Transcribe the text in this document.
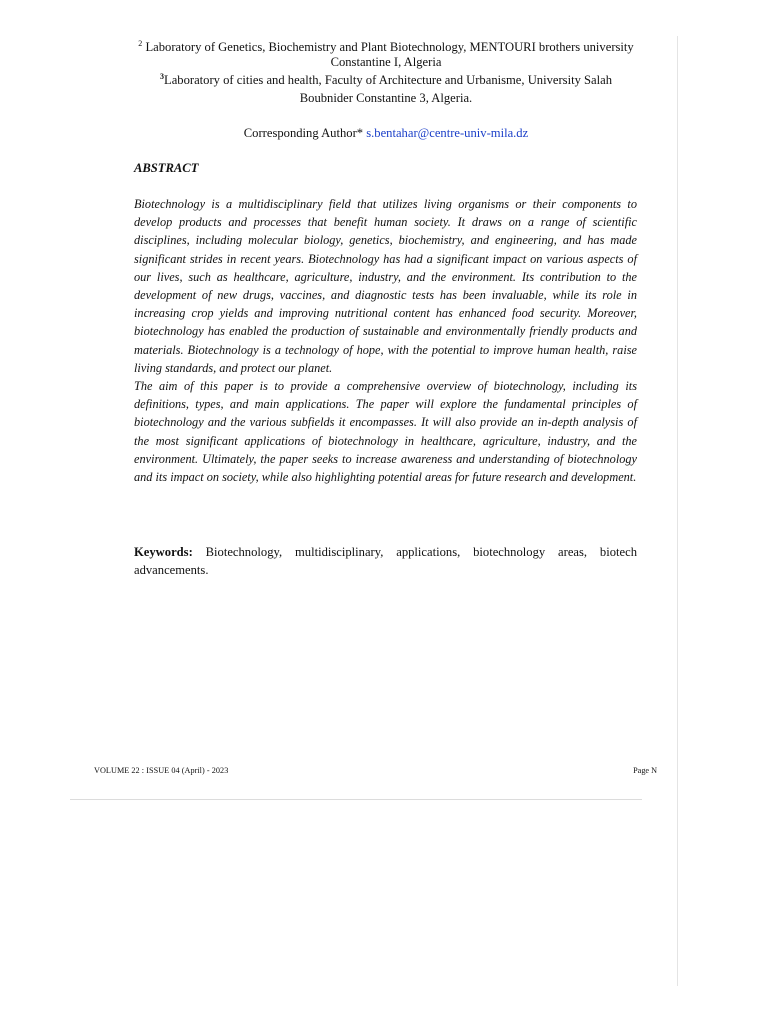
$^2$ Laboratory of Genetics, Biochemistry and Plant Biotechnology, MENTOURI brothers university Constantine I, Algeria

$^3$Laboratory of cities and health, Faculty of Architecture and Urbanisme, University Salah Boubnider Constantine 3, Algeria.

Corresponding Author* s.bentahar@centre-univ-mila.dz
ABSTRACT

Biotechnology is a multidisciplinary field that utilizes living organisms or their components to develop products and processes that benefit human society. It draws on a range of scientific disciplines, including molecular biology, genetics, biochemistry, and engineering, and has made significant strides in recent years. Biotechnology has had a significant impact on various aspects of our lives, such as healthcare, agriculture, industry, and the environment. Its contribution to the development of new drugs, vaccines, and diagnostic tests has been invaluable, while its role in increasing crop yields and improving nutritional content has enhanced food security. Moreover, biotechnology has enabled the production of sustainable and environmentally friendly products and materials. Biotechnology is a technology of hope, with the potential to improve human health, raise living standards, and protect our planet.

The aim of this paper is to provide a comprehensive overview of biotechnology, including its definitions, types, and main applications. The paper will explore the fundamental principles of biotechnology and the various subfields it encompasses. It will also provide an in-depth analysis of the most significant applications of biotechnology in healthcare, agriculture, industry, and the environment. Ultimately, the paper seeks to increase awareness and understanding of biotechnology and its impact on society, while also highlighting potential areas for future research and development.

Keywords: Biotechnology, multidisciplinary, applications, biotechnology areas, biotech advancements.

VOLUME 22 : ISSUE 04 (April) - 2023	Page N
